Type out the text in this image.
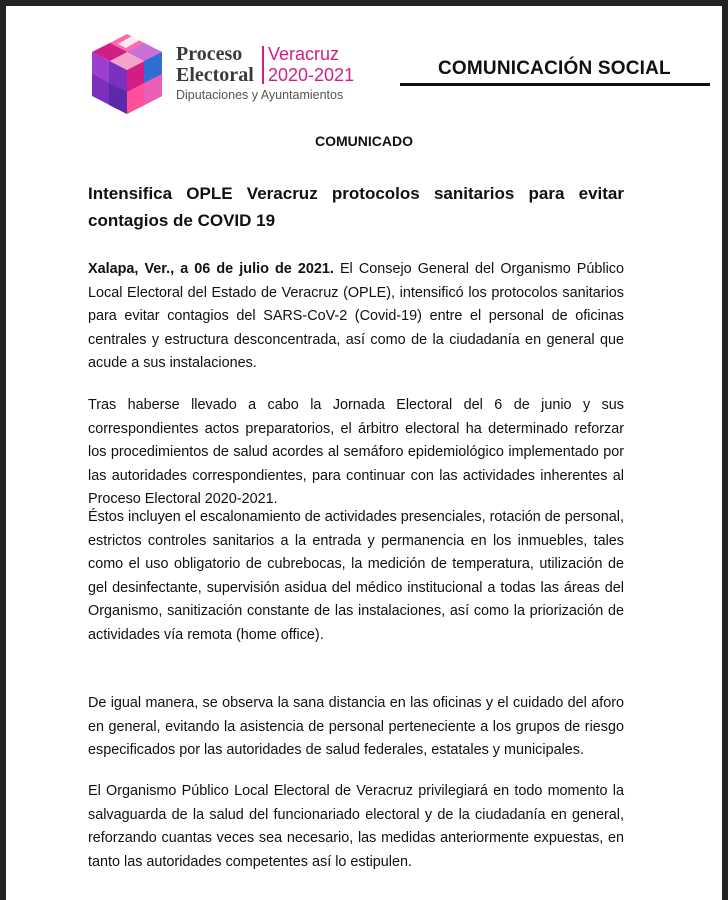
Proceso
Electoral
Veracruz
2020-2021
Diputaciones y Ayuntamientos
COMUNICACIÓN SOCIAL
COMUNICADO
Intensifica OPLE Veracruz protocolos sanitarios para evitar contagios de COVID 19
Xalapa, Ver., a 06 de julio de 2021. El Consejo General del Organismo Público Local Electoral del Estado de Veracruz (OPLE), intensificó los protocolos sanitarios para evitar contagios del SARS-CoV-2 (Covid-19) entre el personal de oficinas centrales y estructura desconcentrada, así como de la ciudadanía en general que acude a sus instalaciones.
Tras haberse llevado a cabo la Jornada Electoral del 6 de junio y sus correspondientes actos preparatorios, el árbitro electoral ha determinado reforzar los procedimientos de salud acordes al semáforo epidemiológico implementado por las autoridades correspondientes, para continuar con las actividades inherentes al Proceso Electoral 2020-2021.
Éstos incluyen el escalonamiento de actividades presenciales, rotación de personal, estrictos controles sanitarios a la entrada y permanencia en los inmuebles, tales como el uso obligatorio de cubrebocas, la medición de temperatura, utilización de gel desinfectante, supervisión asidua del médico institucional a todas las áreas del Organismo, sanitización constante de las instalaciones, así como la priorización de actividades vía remota (home office).
De igual manera, se observa la sana distancia en las oficinas y el cuidado del aforo en general, evitando la asistencia de personal perteneciente a los grupos de riesgo especificados por las autoridades de salud federales, estatales y municipales.
El Organismo Público Local Electoral de Veracruz privilegiará en todo momento la salvaguarda de la salud del funcionariado electoral y de la ciudadanía en general, reforzando cuantas veces sea necesario, las medidas anteriormente expuestas, en tanto las autoridades competentes así lo estipulen.
